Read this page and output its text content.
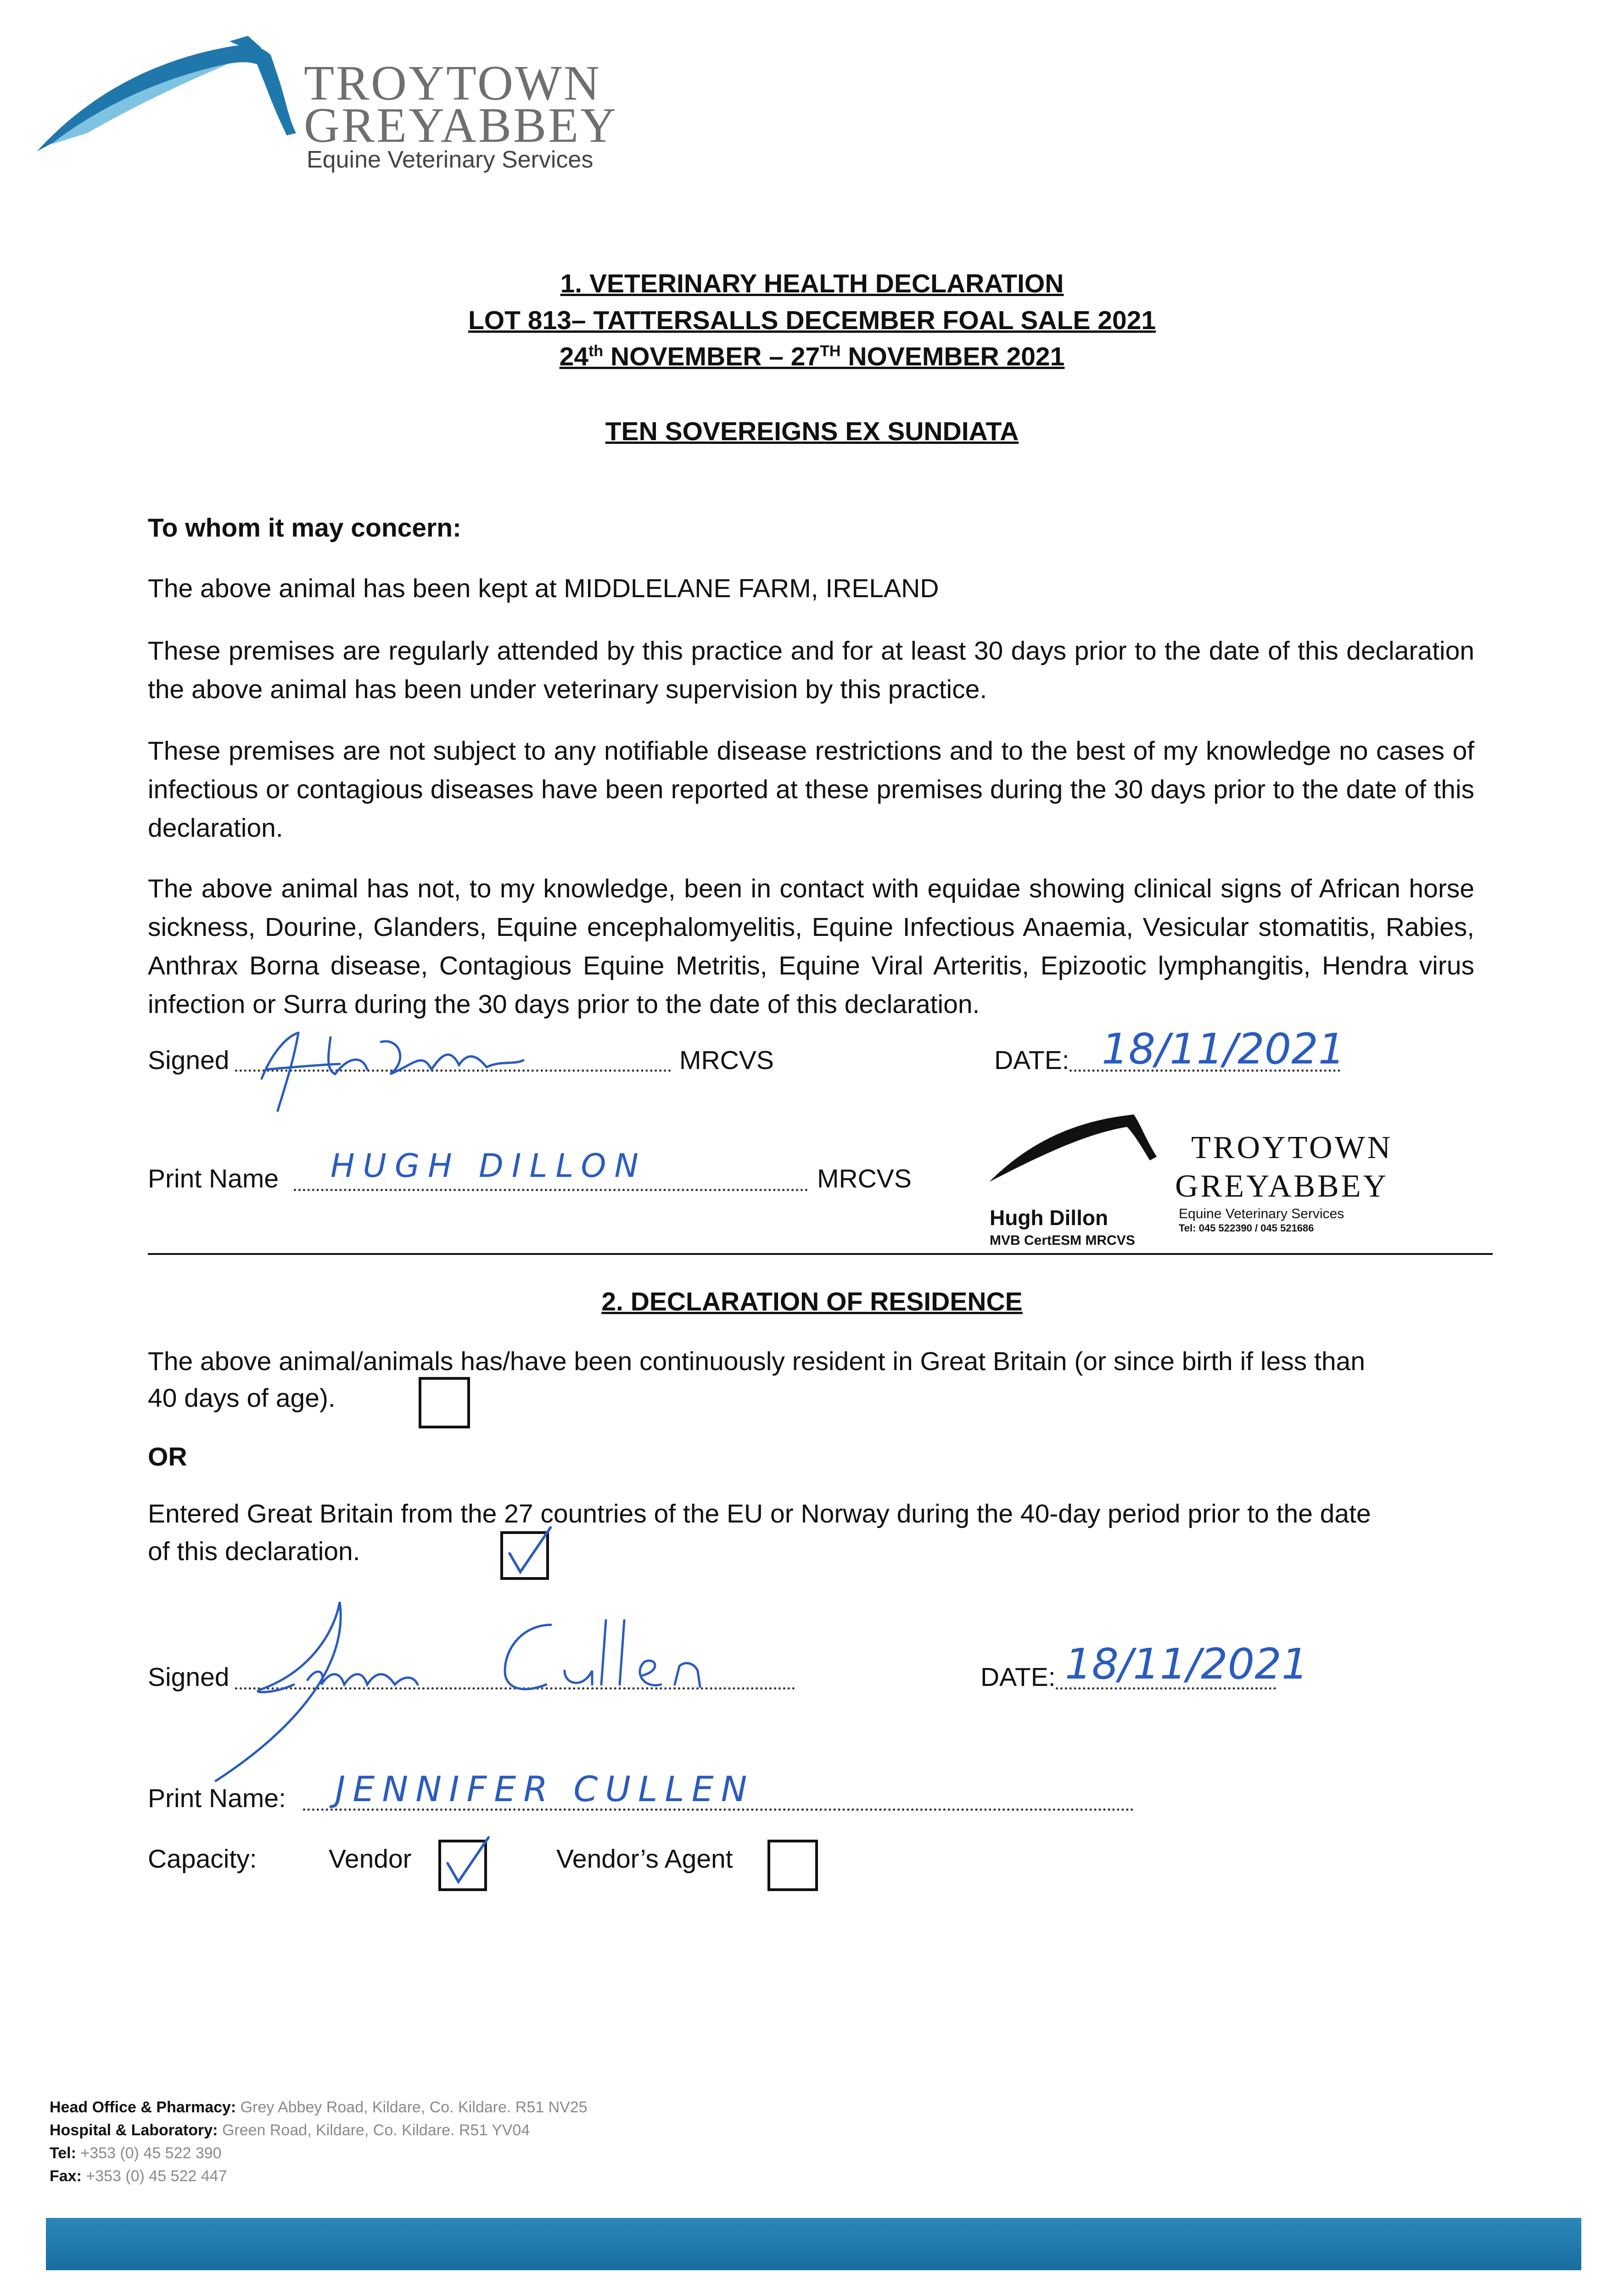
TROYTOWN
GREYABBEY
Equine Veterinary Services
1. VETERINARY HEALTH DECLARATION
LOT 813– TATTERSALLS DECEMBER FOAL SALE 2021
24th NOVEMBER – 27TH NOVEMBER 2021
TEN SOVEREIGNS EX SUNDIATA
To whom it may concern:
The above animal has been kept at MIDDLELANE FARM, IRELAND
These premises are regularly attended by this practice and for at least 30 days prior to the date of this declaration the above animal has been under veterinary supervision by this practice.
These premises are not subject to any notifiable disease restrictions and to the best of my knowledge no cases of infectious or contagious diseases have been reported at these premises during the 30 days prior to the date of this declaration.
The above animal has not, to my knowledge, been in contact with equidae showing clinical signs of African horse sickness, Dourine, Glanders, Equine encephalomyelitis, Equine Infectious Anaemia, Vesicular stomatitis, Rabies, Anthrax Borna disease, Contagious Equine Metritis, Equine Viral Arteritis, Epizootic lymphangitis, Hendra virus infection or Surra during the 30 days prior to the date of this declaration.
Signed	MRCVS	DATE: 18/11/2021
Print Name HUGH DILLON	MRCVS
TROYTOWN
GREYABBEY
Equine Veterinary Services
Tel: 045 522390 / 045 521686
Hugh Dillon
MVB CertESM MRCVS
2. DECLARATION OF RESIDENCE
The above animal/animals has/have been continuously resident in Great Britain (or since birth if less than
40 days of age).
OR
Entered Great Britain from the 27 countries of the EU or Norway during the 40-day period prior to the date
of this declaration.
Signed	DATE: 18/11/2021
Print Name: JENNIFER CULLEN
Capacity:	Vendor	Vendor’s Agent
Head Office & Pharmacy: Grey Abbey Road, Kildare, Co. Kildare. R51 NV25
Hospital & Laboratory: Green Road, Kildare, Co. Kildare. R51 YV04
Tel: +353 (0) 45 522 390
Fax: +353 (0) 45 522 447
